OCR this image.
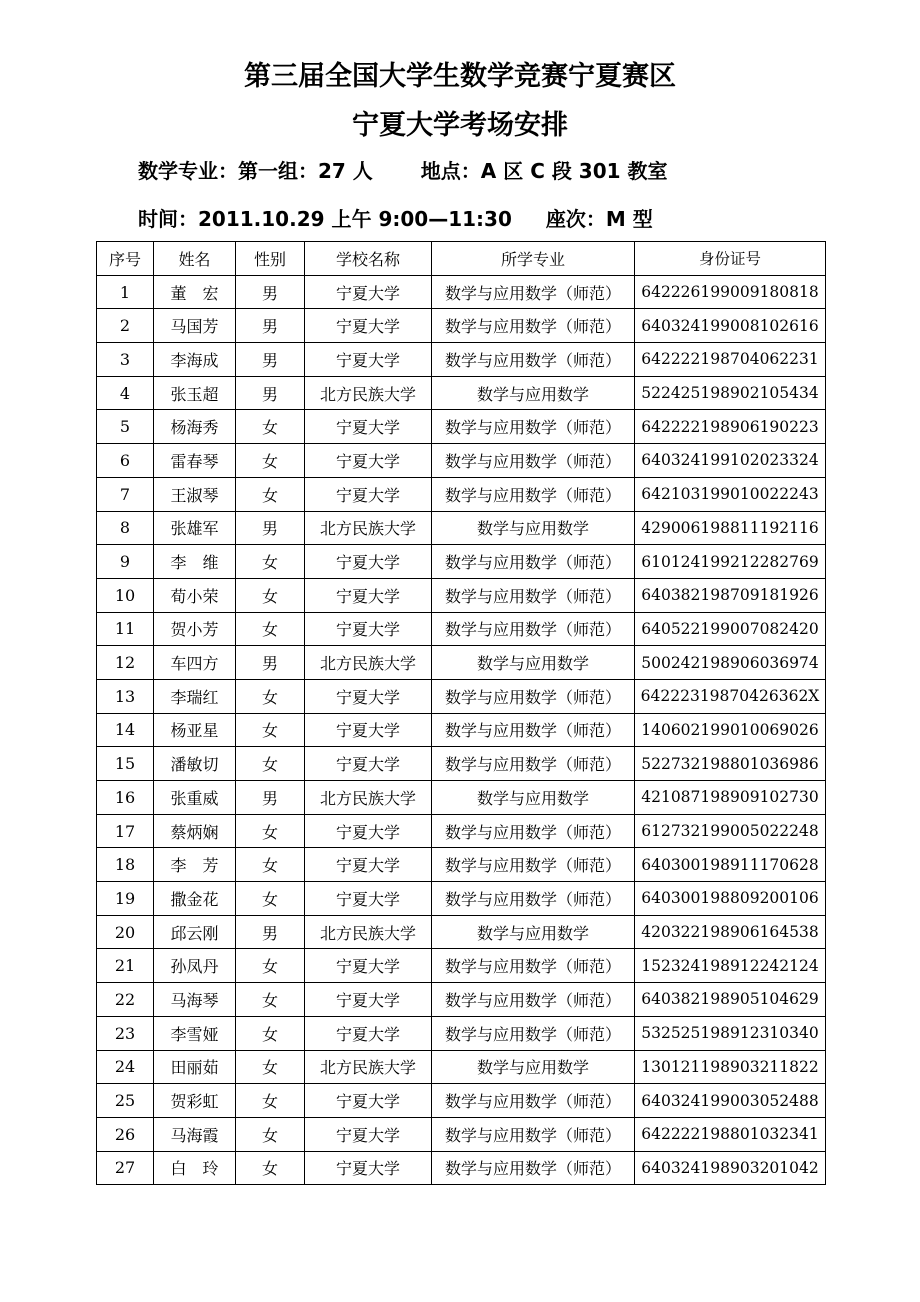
第三届全国大学生数学竞赛宁夏赛区
宁夏大学考场安排
数学专业：第一组：27 人 地点：A 区 C 段 301 教室
时间：2011.10.29 上午 9:00—11:30 座次：M 型
序号	姓名	性别	学校名称	所学专业	身份证号
1	董　宏	男	宁夏大学	数学与应用数学（师范）	642226199009180818
2	马国芳	男	宁夏大学	数学与应用数学（师范）	640324199008102616
3	李海成	男	宁夏大学	数学与应用数学（师范）	642222198704062231
4	张玉超	男	北方民族大学	数学与应用数学	522425198902105434
5	杨海秀	女	宁夏大学	数学与应用数学（师范）	642222198906190223
6	雷春琴	女	宁夏大学	数学与应用数学（师范）	640324199102023324
7	王淑琴	女	宁夏大学	数学与应用数学（师范）	642103199010022243
8	张雄军	男	北方民族大学	数学与应用数学	429006198811192116
9	李　维	女	宁夏大学	数学与应用数学（师范）	610124199212282769
10	荀小荣	女	宁夏大学	数学与应用数学（师范）	640382198709181926
11	贺小芳	女	宁夏大学	数学与应用数学（师范）	640522199007082420
12	车四方	男	北方民族大学	数学与应用数学	500242198906036974
13	李瑞红	女	宁夏大学	数学与应用数学（师范）	64222319870426362X
14	杨亚星	女	宁夏大学	数学与应用数学（师范）	140602199010069026
15	潘敏切	女	宁夏大学	数学与应用数学（师范）	522732198801036986
16	张重威	男	北方民族大学	数学与应用数学	421087198909102730
17	蔡炳娴	女	宁夏大学	数学与应用数学（师范）	612732199005022248
18	李　芳	女	宁夏大学	数学与应用数学（师范）	640300198911170628
19	撒金花	女	宁夏大学	数学与应用数学（师范）	640300198809200106
20	邱云刚	男	北方民族大学	数学与应用数学	420322198906164538
21	孙凤丹	女	宁夏大学	数学与应用数学（师范）	152324198912242124
22	马海琴	女	宁夏大学	数学与应用数学（师范）	640382198905104629
23	李雪娅	女	宁夏大学	数学与应用数学（师范）	532525198912310340
24	田丽茹	女	北方民族大学	数学与应用数学	130121198903211822
25	贺彩虹	女	宁夏大学	数学与应用数学（师范）	640324199003052488
26	马海霞	女	宁夏大学	数学与应用数学（师范）	642222198801032341
27	白　玲	女	宁夏大学	数学与应用数学（师范）	640324198903201042
